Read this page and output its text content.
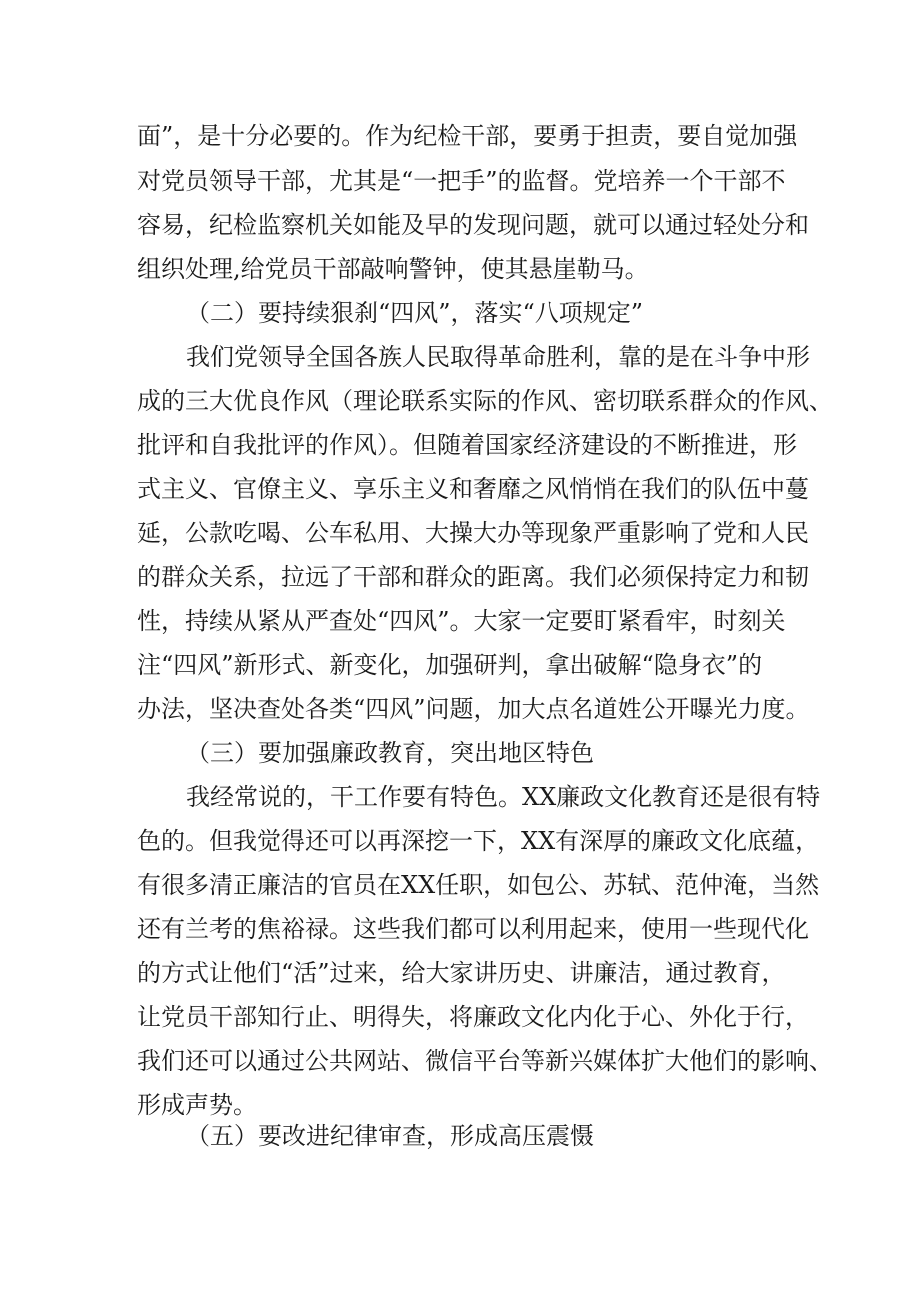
面”，是十分必要的。作为纪检干部，要勇于担责，要自觉加强
对党员领导干部，尤其是“一把手”的监督。党培养一个干部不
容易，纪检监察机关如能及早的发现问题，就可以通过轻处分和
组织处理,给党员干部敲响警钟，使其悬崖勒马。
（二）要持续狠刹“四风”，落实“八项规定”
我们党领导全国各族人民取得革命胜利，靠的是在斗争中形
成的三大优良作风（理论联系实际的作风、密切联系群众的作风、
批评和自我批评的作风）。但随着国家经济建设的不断推进，形
式主义、官僚主义、享乐主义和奢靡之风悄悄在我们的队伍中蔓
延，公款吃喝、公车私用、大操大办等现象严重影响了党和人民
的群众关系，拉远了干部和群众的距离。我们必须保持定力和韧
性，持续从紧从严查处“四风”。大家一定要盯紧看牢，时刻关
注“四风”新形式、新变化，加强研判，拿出破解“隐身衣”的
办法，坚决查处各类“四风”问题，加大点名道姓公开曝光力度。
（三）要加强廉政教育，突出地区特色
我经常说的，干工作要有特色。XX廉政文化教育还是很有特
色的。但我觉得还可以再深挖一下，XX有深厚的廉政文化底蕴，
有很多清正廉洁的官员在XX任职，如包公、苏轼、范仲淹，当然
还有兰考的焦裕禄。这些我们都可以利用起来，使用一些现代化
的方式让他们“活”过来，给大家讲历史、讲廉洁，通过教育，
让党员干部知行止、明得失，将廉政文化内化于心、外化于行，
我们还可以通过公共网站、微信平台等新兴媒体扩大他们的影响、
形成声势。
（五）要改进纪律审查，形成高压震慑
